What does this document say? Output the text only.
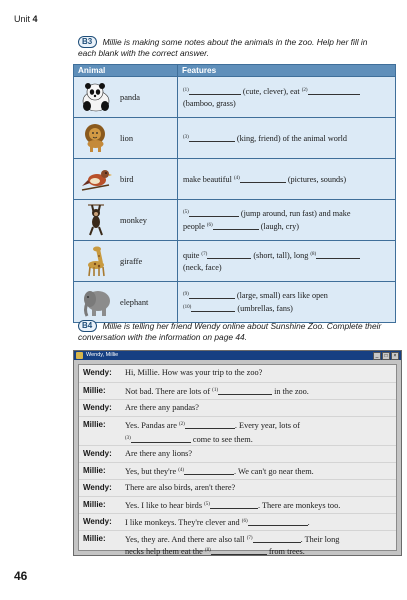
Unit 4
B3 Millie is making some notes about the animals in the zoo. Help her fill in each blank with the correct answer.
Animal	Features

panda	$^{(1)}$ (cute, clever), eat $^{(2)}$
(bamboo, grass)

lion	$^{(3)}$ (king, friend) of the animal world

bird	make beautiful $^{(4)}$ (pictures, sounds)

monkey	$^{(5)}$ (jump around, run fast) and make
people $^{(6)}$ (laugh, cry)

giraffe	quite $^{(7)}$ (short, tall), long $^{(8)}$
(neck, face)

elephant	$^{(9)}$ (large, small) ears like open
$^{(10)}$ (umbrellas, fans)
B4 Millie is telling her friend Wendy online about Sunshine Zoo. Complete their conversation with the information on page 44.
Wendy, Millie	_	□	×
Wendy: Hi, Millie. How was your trip to the zoo?
Millie: Not bad. There are lots of $^{(1)}$	in the zoo.
Wendy: Are there any pandas?
Millie: Yes. Pandas are $^{(2)}$	. Every year, lots of
$^{(3)}$	come to see them.
Wendy: Are there any lions?
Millie: Yes, but they're $^{(4)}$	. We can't go near them.
Wendy: There are also birds, aren't there?
Millie: Yes. I like to hear birds $^{(5)}$	. There are monkeys too.
Wendy: I like monkeys. They're clever and $^{(6)}$	.
Millie: Yes, they are. And there are also tall $^{(7)}$	. Their long
necks help them eat the $^{(8)}$	from trees.
46
